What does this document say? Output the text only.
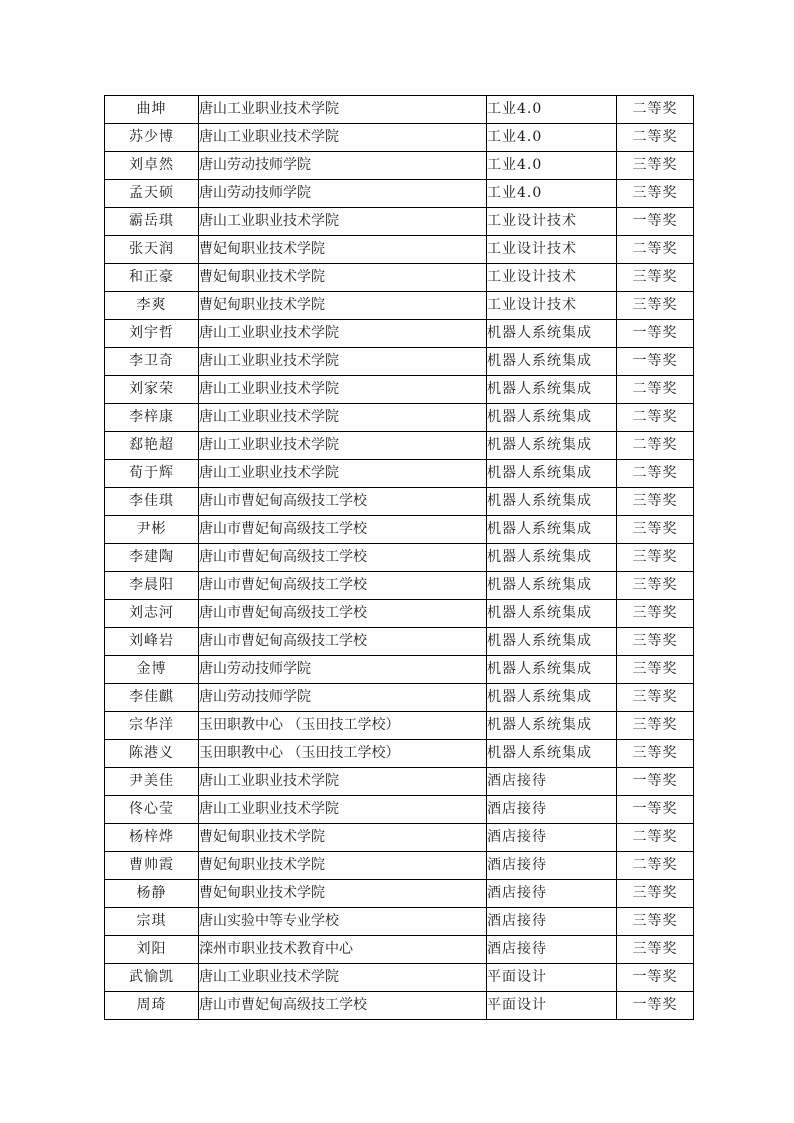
曲坤	唐山工业职业技术学院	工业4.0	二等奖
苏少博	唐山工业职业技术学院	工业4.0	二等奖
刘卓然	唐山劳动技师学院	工业4.0	三等奖
孟天硕	唐山劳动技师学院	工业4.0	三等奖
霸岳琪	唐山工业职业技术学院	工业设计技术	一等奖
张天润	曹妃甸职业技术学院	工业设计技术	二等奖
和正豪	曹妃甸职业技术学院	工业设计技术	三等奖
李爽	曹妃甸职业技术学院	工业设计技术	三等奖
刘宇哲	唐山工业职业技术学院	机器人系统集成	一等奖
李卫奇	唐山工业职业技术学院	机器人系统集成	一等奖
刘家荣	唐山工业职业技术学院	机器人系统集成	二等奖
李梓康	唐山工业职业技术学院	机器人系统集成	二等奖
郄艳超	唐山工业职业技术学院	机器人系统集成	二等奖
荀于辉	唐山工业职业技术学院	机器人系统集成	二等奖
李佳琪	唐山市曹妃甸高级技工学校	机器人系统集成	三等奖
尹彬	唐山市曹妃甸高级技工学校	机器人系统集成	三等奖
李建陶	唐山市曹妃甸高级技工学校	机器人系统集成	三等奖
李晨阳	唐山市曹妃甸高级技工学校	机器人系统集成	三等奖
刘志河	唐山市曹妃甸高级技工学校	机器人系统集成	三等奖
刘峰岩	唐山市曹妃甸高级技工学校	机器人系统集成	三等奖
金博	唐山劳动技师学院	机器人系统集成	三等奖
李佳麒	唐山劳动技师学院	机器人系统集成	三等奖
宗华洋	玉田职教中心 （玉田技工学校）	机器人系统集成	三等奖
陈港义	玉田职教中心 （玉田技工学校）	机器人系统集成	三等奖
尹美佳	唐山工业职业技术学院	酒店接待	一等奖
佟心莹	唐山工业职业技术学院	酒店接待	一等奖
杨梓烨	曹妃甸职业技术学院	酒店接待	二等奖
曹帅霞	曹妃甸职业技术学院	酒店接待	二等奖
杨静	曹妃甸职业技术学院	酒店接待	三等奖
宗琪	唐山实验中等专业学校	酒店接待	三等奖
刘阳	滦州市职业技术教育中心	酒店接待	三等奖
武愉凯	唐山工业职业技术学院	平面设计	一等奖
周琦	唐山市曹妃甸高级技工学校	平面设计	一等奖
